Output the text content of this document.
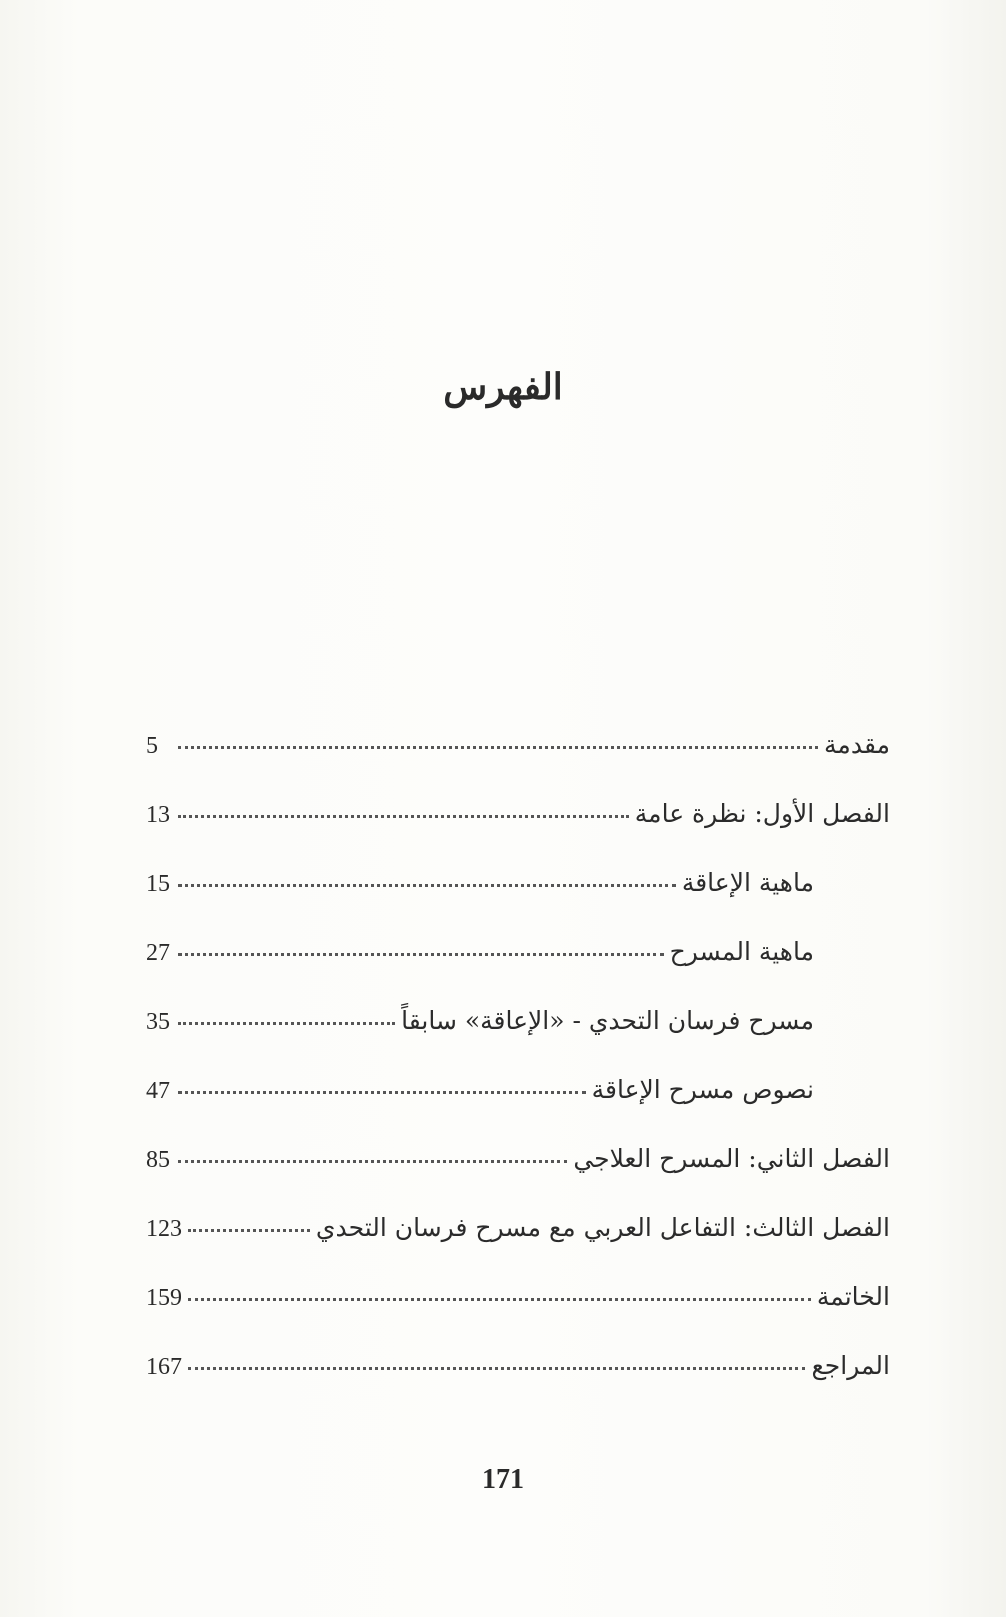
الفهرس
مقدمة
5
الفصل الأول: نظرة عامة
13
ماهية الإعاقة
15
ماهية المسرح
27
مسرح فرسان التحدي - «الإعاقة» سابقاً
35
نصوص مسرح الإعاقة
47
الفصل الثاني: المسرح العلاجي
85
الفصل الثالث: التفاعل العربي مع مسرح فرسان التحدي
123
الخاتمة
159
المراجع
167
171
